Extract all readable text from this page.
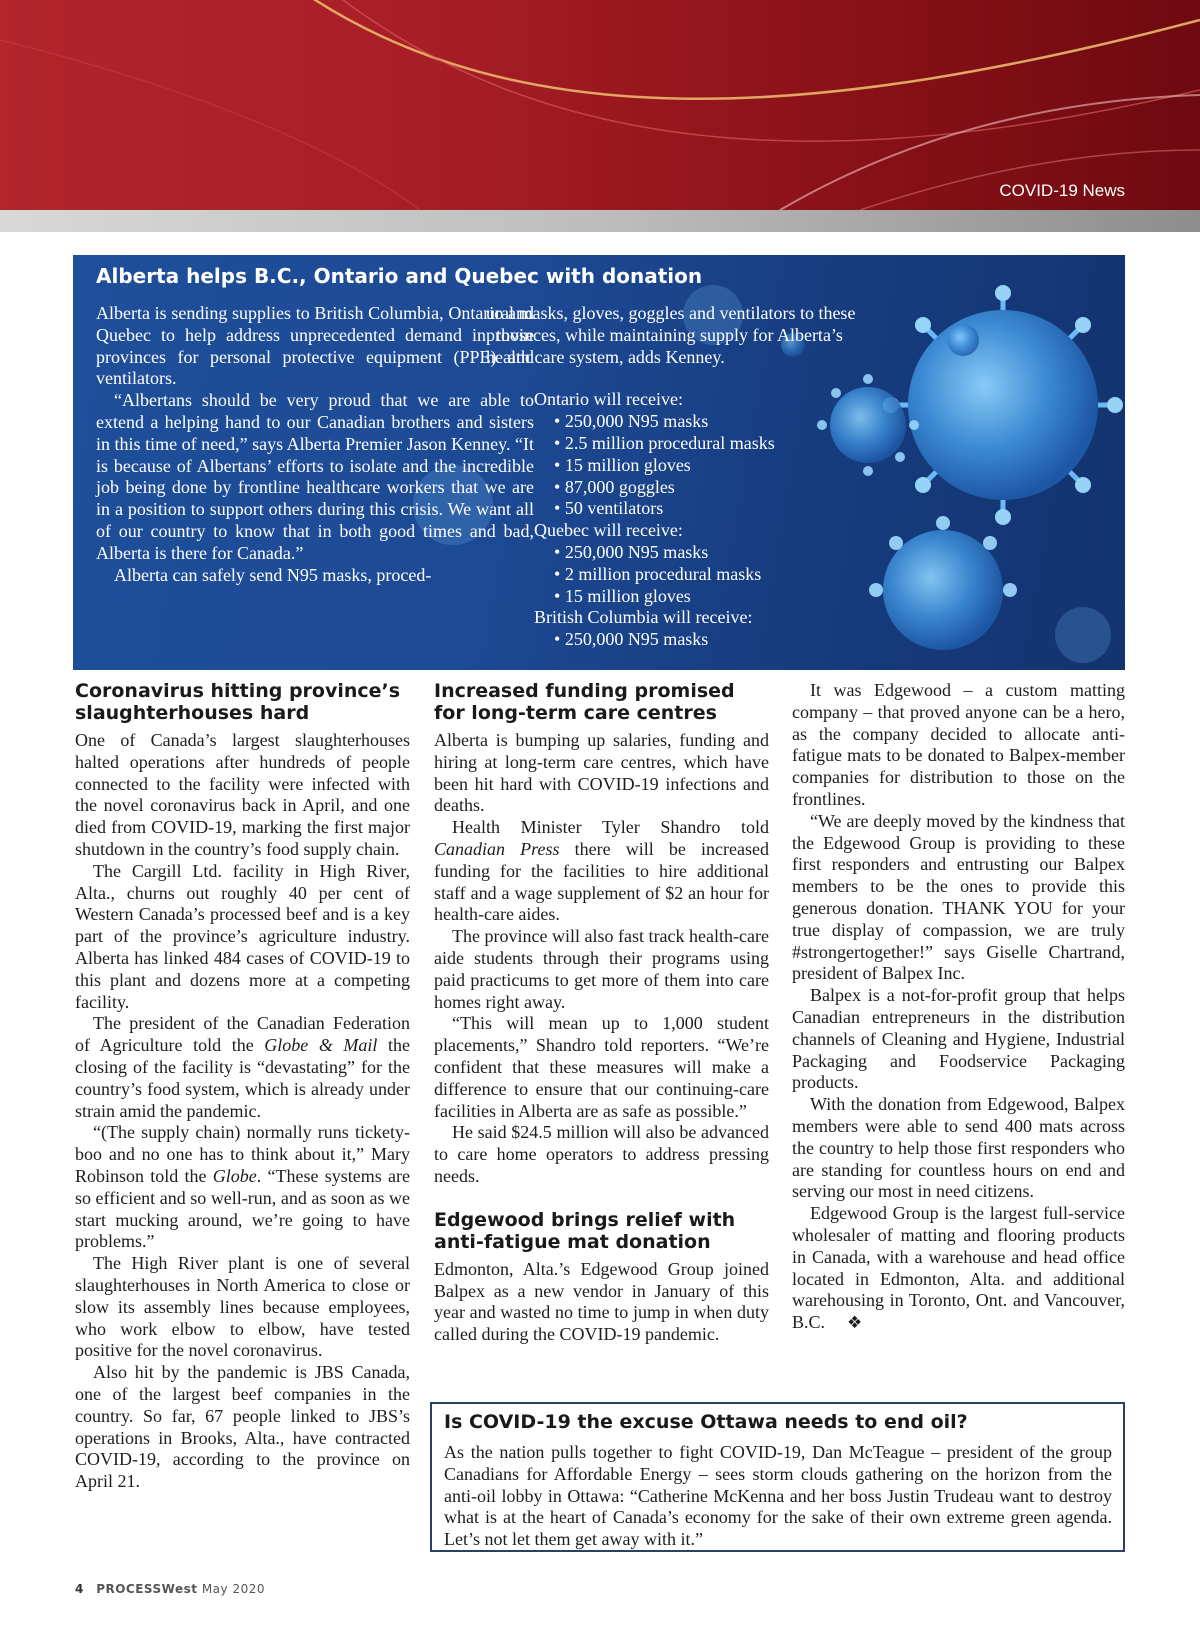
COVID-19 News
Alberta helps B.C., Ontario and Quebec with donation

Alberta is sending supplies to British Columbia, Ontario and Quebec to help address unprecedented demand in those provinces for personal protective equipment (PPE) and ventilators.

“Albertans should be very proud that we are able to extend a helping hand to our Canadian brothers and sisters in this time of need,” says Alberta Premier Jason Kenney. “It is because of Albertans’ efforts to isolate and the incredible job being done by frontline healthcare workers that we are in a position to support others during this crisis. We want all of our country to know that in both good times and bad, Alberta is there for Canada.”

Alberta can safely send N95 masks, proced-

ural masks, gloves, goggles and ventilators to these provinces, while maintaining supply for Alberta’s health care system, adds Kenney.

Ontario will receive:

• 250,000 N95 masks
• 2.5 million procedural masks
• 15 million gloves
• 87,000 goggles
• 50 ventilators

Quebec will receive:

• 250,000 N95 masks
• 2 million procedural masks
• 15 million gloves

British Columbia will receive:

• 250,000 N95 masks
Coronavirus hitting province’s slaughterhouses hard

One of Canada’s largest slaughterhouses halted operations after hundreds of people connected to the facility were infected with the novel coronavirus back in April, and one died from COVID-19, marking the first major shutdown in the country’s food supply chain.

The Cargill Ltd. facility in High River, Alta., churns out roughly 40 per cent of Western Canada’s processed beef and is a key part of the province’s agriculture industry. Alberta has linked 484 cases of COVID-19 to this plant and dozens more at a competing facility.

The president of the Canadian Federation of Agriculture told the Globe & Mail the closing of the facility is “devastating” for the country’s food system, which is already under strain amid the pandemic.

“(The supply chain) normally runs tickety-boo and no one has to think about it,” Mary Robinson told the Globe. “These systems are so efficient and so well-run, and as soon as we start mucking around, we’re going to have problems.”

The High River plant is one of several slaughterhouses in North America to close or slow its assembly lines because employees, who work elbow to elbow, have tested positive for the novel coronavirus.

Also hit by the pandemic is JBS Canada, one of the largest beef companies in the country. So far, 67 people linked to JBS’s operations in Brooks, Alta., have contracted COVID-19, according to the province on April 21.

Increased funding promised for long-term care centres

Alberta is bumping up salaries, funding and hiring at long-term care centres, which have been hit hard with COVID-19 infections and deaths.

Health Minister Tyler Shandro told Canadian Press there will be increased funding for the facilities to hire additional staff and a wage supplement of $2 an hour for health-care aides.

The province will also fast track health-care aide students through their programs using paid practicums to get more of them into care homes right away.

“This will mean up to 1,000 student placements,” Shandro told reporters. “We’re confident that these measures will make a difference to ensure that our continuing-care facilities in Alberta are as safe as possible.”

He said $24.5 million will also be advanced to care home operators to address pressing needs.

Edgewood brings relief with anti-fatigue mat donation

Edmonton, Alta.’s Edgewood Group joined Balpex as a new vendor in January of this year and wasted no time to jump in when duty called during the COVID-19 pandemic.

It was Edgewood – a custom matting company – that proved anyone can be a hero, as the company decided to allocate anti-fatigue mats to be donated to Balpex-member companies for distribution to those on the frontlines.

“We are deeply moved by the kindness that the Edgewood Group is providing to these first responders and entrusting our Balpex members to be the ones to provide this generous donation. THANK YOU for your true display of compassion, we are truly #strongertogether!” says Giselle Chartrand, president of Balpex Inc.

Balpex is a not-for-profit group that helps Canadian entrepreneurs in the distribution channels of Cleaning and Hygiene, Industrial Packaging and Foodservice Packaging products.

With the donation from Edgewood, Balpex members were able to send 400 mats across the country to help those first responders who are standing for countless hours on end and serving our most in need citizens.

Edgewood Group is the largest full-service wholesaler of matting and flooring products in Canada, with a warehouse and head office located in Edmonton, Alta. and additional warehousing in Toronto, Ont. and Vancouver, B.C. ❖

Is COVID-19 the excuse Ottawa needs to end oil?

As the nation pulls together to fight COVID-19, Dan McTeague – president of the group Canadians for Affordable Energy – sees storm clouds gathering on the horizon from the anti-oil lobby in Ottawa: “Catherine McKenna and her boss Justin Trudeau want to destroy what is at the heart of Canada’s economy for the sake of their own extreme green agenda. Let’s not let them get away with it.”

4 PROCESSWest May 2020
